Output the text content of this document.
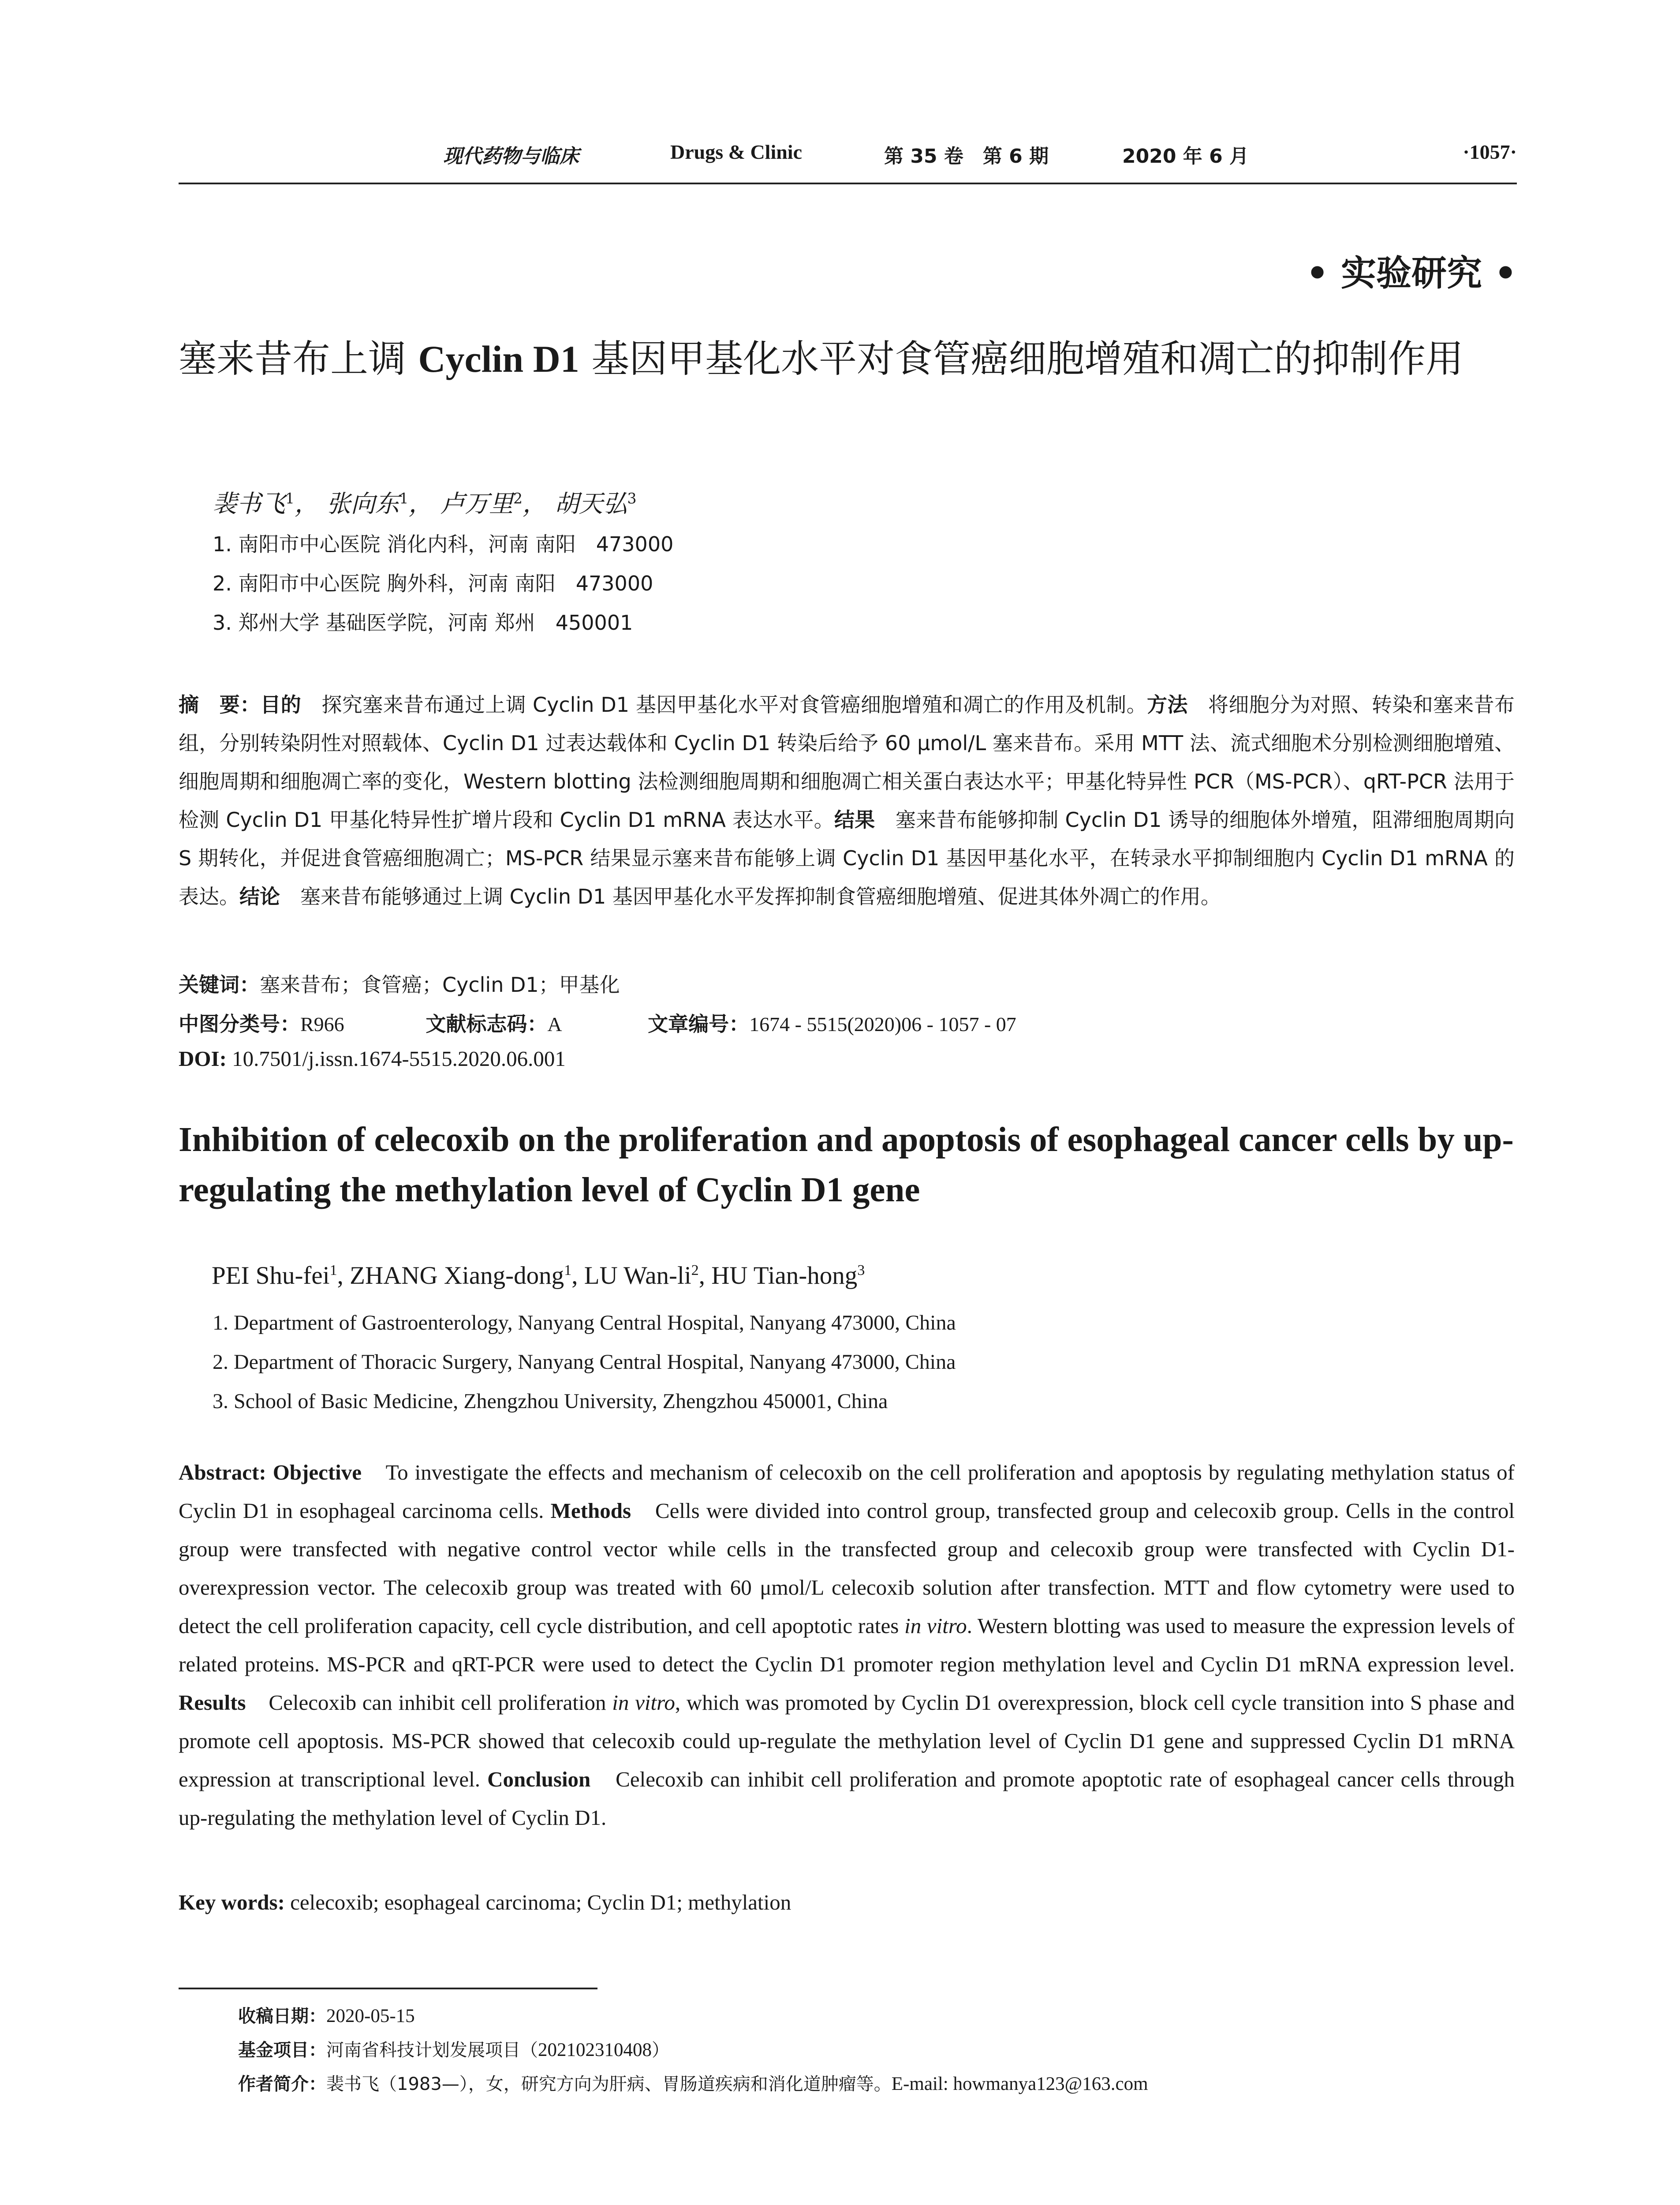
现代药物与临床	Drugs & Clinic	第 35 卷　第 6 期	2020 年 6 月	·1057·
• 实验研究 •
塞来昔布上调 Cyclin D1 基因甲基化水平对食管癌细胞增殖和凋亡的抑制作用
裴书飞$^1$， 张向东$^1$， 卢万里$^2$， 胡天弘$^3$
1. 南阳市中心医院 消化内科，河南 南阳　473000
2. 南阳市中心医院 胸外科，河南 南阳　473000
3. 郑州大学 基础医学院，河南 郑州　450001
摘　要：目的　探究塞来昔布通过上调 Cyclin D1 基因甲基化水平对食管癌细胞增殖和凋亡的作用及机制。方法　将细胞分为对照、转染和塞来昔布组，分别转染阴性对照载体、Cyclin D1 过表达载体和 Cyclin D1 转染后给予 60 μmol/L 塞来昔布。采用 MTT 法、流式细胞术分别检测细胞增殖、细胞周期和细胞凋亡率的变化，Western blotting 法检测细胞周期和细胞凋亡相关蛋白表达水平；甲基化特异性 PCR（MS-PCR）、qRT-PCR 法用于检测 Cyclin D1 甲基化特异性扩增片段和 Cyclin D1 mRNA 表达水平。结果　塞来昔布能够抑制 Cyclin D1 诱导的细胞体外增殖，阻滞细胞周期向 S 期转化，并促进食管癌细胞凋亡；MS-PCR 结果显示塞来昔布能够上调 Cyclin D1 基因甲基化水平，在转录水平抑制细胞内 Cyclin D1 mRNA 的表达。结论　塞来昔布能够通过上调 Cyclin D1 基因甲基化水平发挥抑制食管癌细胞增殖、促进其体外凋亡的作用。
关键词：塞来昔布；食管癌；Cyclin D1；甲基化
中图分类号：R966	文献标志码：A	文章编号：1674 - 5515(2020)06 - 1057 - 07
DOI: 10.7501/j.issn.1674-5515.2020.06.001
Inhibition of celecoxib on the proliferation and apoptosis of esophageal cancer cells by up-regulating the methylation level of Cyclin D1 gene
PEI Shu-fei$^1$, ZHANG Xiang-dong$^1$, LU Wan-$li^2$, HU Tian-hong$^3$
1. Department of Gastroenterology, Nanyang Central Hospital, Nanyang 473000, China
2. Department of Thoracic Surgery, Nanyang Central Hospital, Nanyang 473000, China
3. School of Basic Medicine, Zhengzhou University, Zhengzhou 450001, China
Abstract: Objective　To investigate the effects and mechanism of celecoxib on the cell proliferation and apoptosis by regulating methylation status of Cyclin D1 in esophageal carcinoma cells. Methods　Cells were divided into control group, transfected group and celecoxib group. Cells in the control group were transfected with negative control vector while cells in the transfected group and celecoxib group were transfected with Cyclin D1-overexpression vector. The celecoxib group was treated with 60 μmol/L celecoxib solution after transfection. MTT and flow cytometry were used to detect the cell proliferation capacity, cell cycle distribution, and cell apoptotic rates in vitro. Western blotting was used to measure the expression levels of related proteins. MS-PCR and qRT-PCR were used to detect the Cyclin D1 promoter region methylation level and Cyclin D1 mRNA expression level. Results　Celecoxib can inhibit cell proliferation in vitro, which was promoted by Cyclin D1 overexpression, block cell cycle transition into S phase and promote cell apoptosis. MS-PCR showed that celecoxib could up-regulate the methylation level of Cyclin D1 gene and suppressed Cyclin D1 mRNA expression at transcriptional level. Conclusion　Celecoxib can inhibit cell proliferation and promote apoptotic rate of esophageal cancer cells through up-regulating the methylation level of Cyclin D1.
Key words: celecoxib; esophageal carcinoma; Cyclin D1; methylation
收稿日期：2020-05-15
基金项目：河南省科技计划发展项目（202102310408）
作者简介：裴书飞（1983—），女，研究方向为肝病、胃肠道疾病和消化道肿瘤等。E-mail: howmanya123@163.com
